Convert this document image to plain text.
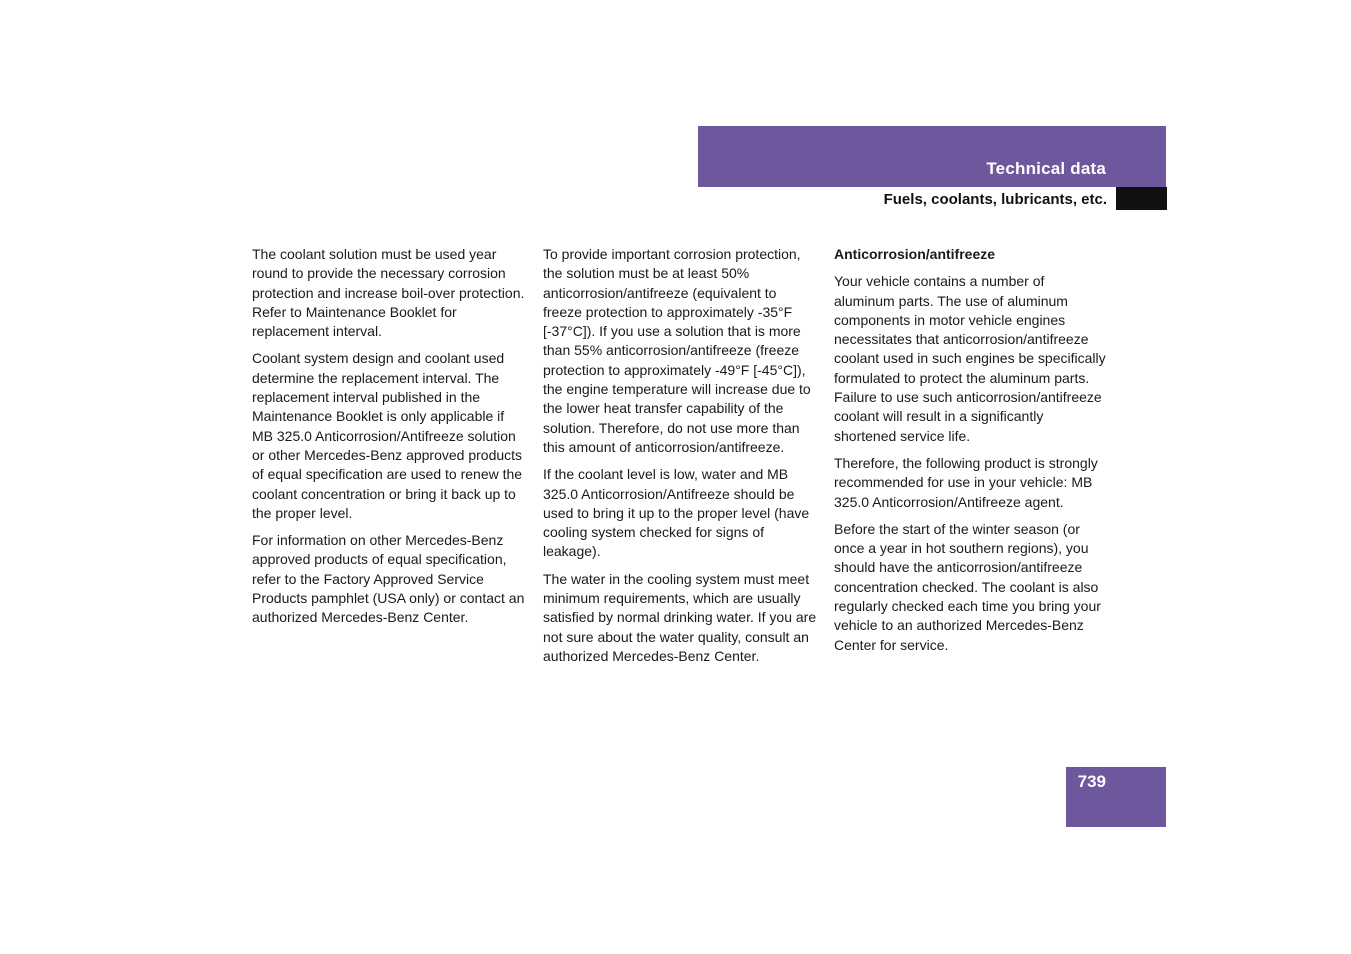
Technical data
Fuels, coolants, lubricants, etc.

The coolant solution must be used year round to provide the necessary corrosion protection and increase boil-over protection. Refer to Maintenance Booklet for replacement interval.

Coolant system design and coolant used determine the replacement interval. The replacement interval published in the Maintenance Booklet is only applicable if MB 325.0 Anticorrosion/Antifreeze solution or other Mercedes-Benz approved products of equal specification are used to renew the coolant concentration or bring it back up to the proper level.

For information on other Mercedes-Benz approved products of equal specification, refer to the Factory Approved Service Products pamphlet (USA only) or contact an authorized Mercedes-Benz Center.

To provide important corrosion protection, the solution must be at least 50% anticorrosion/antifreeze (equivalent to freeze protection to approximately -35°F [-37°C]). If you use a solution that is more than 55% anticorrosion/antifreeze (freeze protection to approximately -49°F [-45°C]), the engine temperature will increase due to the lower heat transfer capability of the solution. Therefore, do not use more than this amount of anticorrosion/antifreeze.

If the coolant level is low, water and MB 325.0 Anticorrosion/Antifreeze should be used to bring it up to the proper level (have cooling system checked for signs of leakage).

The water in the cooling system must meet minimum requirements, which are usually satisfied by normal drinking water. If you are not sure about the water quality, consult an authorized Mercedes-Benz Center.

Anticorrosion/antifreeze

Your vehicle contains a number of aluminum parts. The use of aluminum components in motor vehicle engines necessitates that anticorrosion/antifreeze coolant used in such engines be specifically formulated to protect the aluminum parts. Failure to use such anticorrosion/antifreeze coolant will result in a significantly shortened service life.

Therefore, the following product is strongly recommended for use in your vehicle: MB 325.0 Anticorrosion/Antifreeze agent.

Before the start of the winter season (or once a year in hot southern regions), you should have the anticorrosion/antifreeze concentration checked. The coolant is also regularly checked each time you bring your vehicle to an authorized Mercedes-Benz Center for service.

739
